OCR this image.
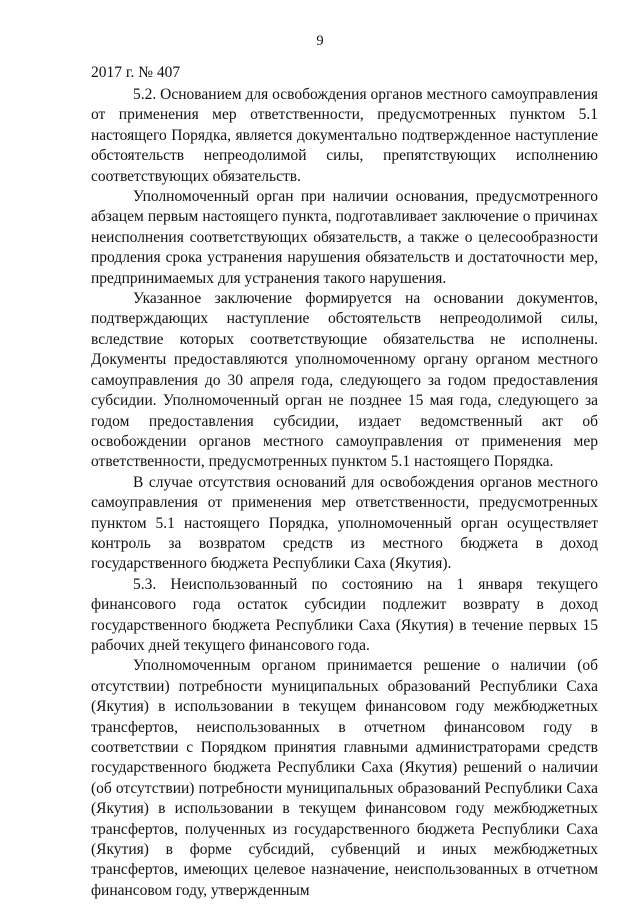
9
2017 г. № 407

5.2. Основанием для освобождения органов местного самоуправления от применения мер ответственности, предусмотренных пунктом 5.1 настоящего Порядка, является документально подтвержденное наступление обстоятельств непреодолимой силы, препятствующих исполнению соответствующих обязательств.

Уполномоченный орган при наличии основания, предусмотренного абзацем первым настоящего пункта, подготавливает заключение о причинах неисполнения соответствующих обязательств, а также о целесообразности продления срока устранения нарушения обязательств и достаточности мер, предпринимаемых для устранения такого нарушения.

Указанное заключение формируется на основании документов, подтверждающих наступление обстоятельств непреодолимой силы, вследствие которых соответствующие обязательства не исполнены. Документы предоставляются уполномоченному органу органом местного самоуправления до 30 апреля года, следующего за годом предоставления субсидии. Уполномоченный орган не позднее 15 мая года, следующего за годом предоставления субсидии, издает ведомственный акт об освобождении органов местного самоуправления от применения мер ответственности, предусмотренных пунктом 5.1 настоящего Порядка.

В случае отсутствия оснований для освобождения органов местного самоуправления от применения мер ответственности, предусмотренных пунктом 5.1 настоящего Порядка, уполномоченный орган осуществляет контроль за возвратом средств из местного бюджета в доход государственного бюджета Республики Саха (Якутия).

5.3. Неиспользованный по состоянию на 1 января текущего финансового года остаток субсидии подлежит возврату в доход государственного бюджета Республики Саха (Якутия) в течение первых 15 рабочих дней текущего финансового года.

Уполномоченным органом принимается решение о наличии (об отсутствии) потребности муниципальных образований Республики Саха (Якутия) в использовании в текущем финансовом году межбюджетных трансфертов, неиспользованных в отчетном финансовом году в соответствии с Порядком принятия главными администраторами средств государственного бюджета Республики Саха (Якутия) решений о наличии (об отсутствии) потребности муниципальных образований Республики Саха (Якутия) в использовании в текущем финансовом году межбюджетных трансфертов, полученных из государственного бюджета Республики Саха (Якутия) в форме субсидий, субвенций и иных межбюджетных трансфертов, имеющих целевое назначение, неиспользованных в отчетном финансовом году, утвержденным
